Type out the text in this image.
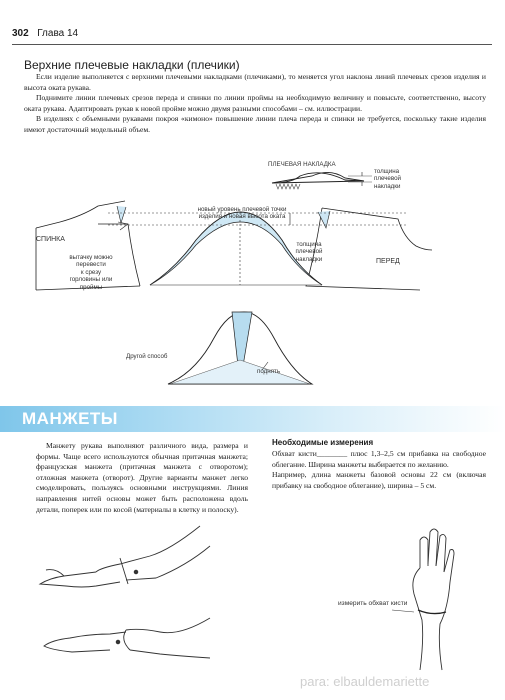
302 Глава 14
Верхние плечевые накладки (плечики)

Если изделие выполняется с верхними плечевыми накладками (плечиками), то меняется угол наклона линий плечевых срезов изделия и высота оката рукава.

Поднимите линии плечевых срезов переда и спинки по линии проймы на необходимую величину и повысьте, соответственно, высоту оката рукава. Адаптировать рукав к новой пройме можно двумя разными способами – см. иллюстрации.

В изделиях с объемными рукавами покроя «кимоно» повышение линии плеча переда и спинки не требуется, поскольку такие изделия имеют достаточный модельный объем.

ПЛЕЧЕВАЯ НАКЛАДКА
толщина
плечевой
накладки
новый уровень плечевой точки
изделия и новая высота оката
СПИНКА
ПЕРЕД
толщина
плечевой
накладки
вытачку можно
перевести
к срезу
горловины или
проймы
Другой способ
поднять
МАНЖЕТЫ

Манжету рукава выполняют различного вида, размера и формы. Чаще всего используются обычная притачная манжета; французская манжета (притачная манжета с отворотом); отложная манжета (отворот). Другие варианты манжет легко смоделировать, пользуясь основными инструкциями. Линия направления нитей основы может быть расположена вдоль детали, поперек или по косой (материалы в клетку и полоску).

Необходимые измерения

Обхват кисти________ плюс 1,3–2,5 см прибавка на свободное облегание. Ширина манжеты выбирается по желанию.

Например, длина манжеты базовой основы 22 см (включая прибавку на свободное облегание), ширина – 5 см.

измерить обхват кисти
para: elbauldemariette
